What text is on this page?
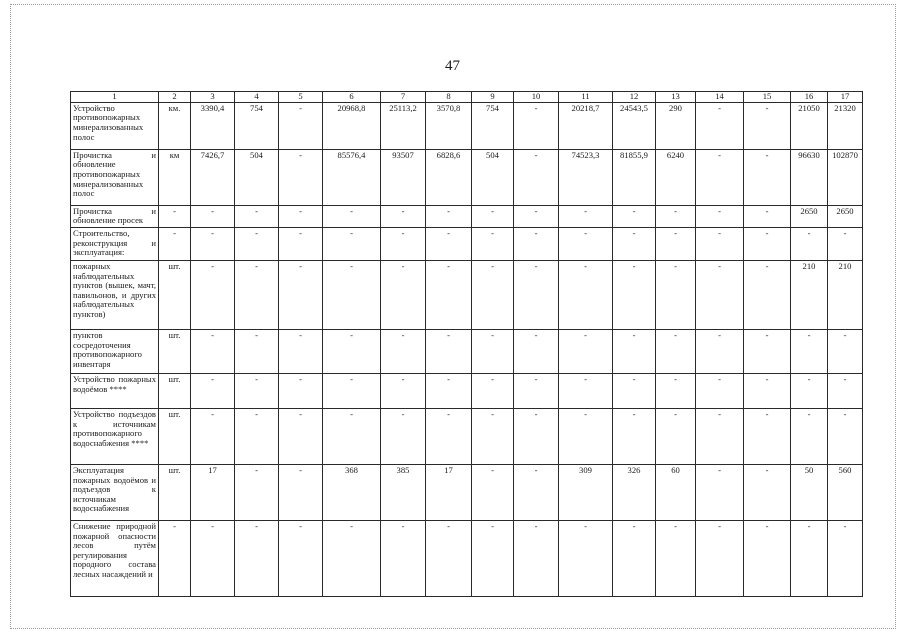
47
1	2	3	4	5	6	7	8	9	10	11	12	13	14	15	16	17
Устройство противопожарных минерализованных полос	км.	3390,4	754	-	20968,8	25113,2	3570,8	754	-	20218,7	24543,5	290	-	-	21050	21320
Прочистка и обновление противопожарных минерализованных полос	км	7426,7	504	-	85576,4	93507	6828,6	504	-	74523,3	81855,9	6240	-	-	96630	102870
Прочистка и обновление просек	-	-	-	-	-	-	-	-	-	-	-	-	-	-	2650	2650
Строительство, реконструкция и эксплуатация:	-	-	-	-	-	-	-	-	-	-	-	-	-	-	-	-
пожарных наблюдательных пунктов (вышек, мачт, павильонов, и других наблюдательных пунктов)	шт.	-	-	-	-	-	-	-	-	-	-	-	-	-	210	210
пунктов сосредоточения противопожарного инвентаря	шт.	-	-	-	-	-	-	-	-	-	-	-	-	-	-	-
Устройство пожарных водоёмов ****	шт.	-	-	-	-	-	-	-	-	-	-	-	-	-	-	-
Устройство подъездов к источникам противопожарного водоснабжения ****	шт.	-	-	-	-	-	-	-	-	-	-	-	-	-	-	-
Эксплуатация пожарных водоёмов и подъездов к источникам водоснабжения	шт.	17	-	-	368	385	17	-	-	309	326	60	-	-	50	560
Снижение природной пожарной опасности лесов путём регулирования породного состава лесных насаждений и	-	-	-	-	-	-	-	-	-	-	-	-	-	-	-	-
